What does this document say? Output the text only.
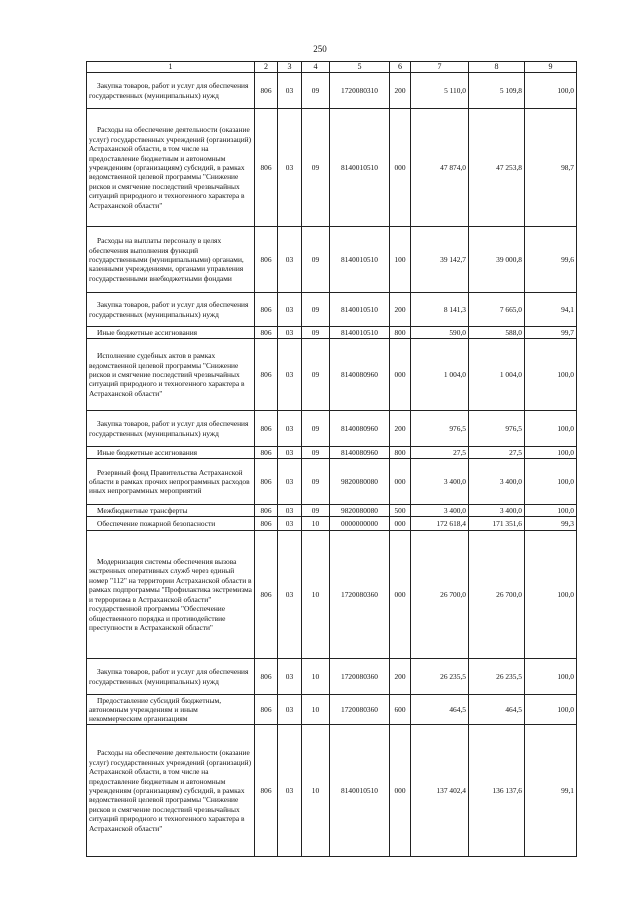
250
1	2	3	4	5	6	7	8	9

Закупка товаров, работ и услуг для обеспечения государственных (муниципальных) нужд	806	03	09	1720080310	200	5 110,0	5 109,8	100,0

Расходы на обеспечение деятельности (оказание услуг) государственных учреждений (организаций) Астраханской области, в том числе на предоставление бюджетным и автономным учреждениям (организациям) субсидий, в рамках ведомственной целевой программы "Снижение рисков и смягчение последствий чрезвычайных ситуаций природного и техногенного характера в Астраханской области"	806	03	09	8140010510	000	47 874,0	47 253,8	98,7

Расходы на выплаты персоналу в целях обеспечения выполнения функций государственными (муниципальными) органами, казенными учреждениями, органами управления государственными внебюджетными фондами	806	03	09	8140010510	100	39 142,7	39 000,8	99,6

Закупка товаров, работ и услуг для обеспечения государственных (муниципальных) нужд	806	03	09	8140010510	200	8 141,3	7 665,0	94,1

Иные бюджетные ассигнования	806	03	09	8140010510	800	590,0	588,0	99,7

Исполнение судебных актов в рамках ведомственной целевой программы "Снижение рисков и смягчение последствий чрезвычайных ситуаций природного и техногенного характера в Астраханской области"	806	03	09	8140080960	000	1 004,0	1 004,0	100,0

Закупка товаров, работ и услуг для обеспечения государственных (муниципальных) нужд	806	03	09	8140080960	200	976,5	976,5	100,0

Иные бюджетные ассигнования	806	03	09	8140080960	800	27,5	27,5	100,0

Резервный фонд Правительства Астраханской области в рамках прочих непрограммных расходов иных непрограммных мероприятий	806	03	09	9820080080	000	3 400,0	3 400,0	100,0

Межбюджетные трансферты	806	03	09	9820080080	500	3 400,0	3 400,0	100,0

Обеспечение пожарной безопасности	806	03	10	0000000000	000	172 618,4	171 351,6	99,3

Модернизация системы обеспечения вызова экстренных оперативных служб через единый номер "112" на территории Астраханской области в рамках подпрограммы "Профилактика экстремизма и терроризма в Астраханской области" государственной программы "Обеспечение общественного порядка и противодействие преступности в Астраханской области"	806	03	10	1720080360	000	26 700,0	26 700,0	100,0

Закупка товаров, работ и услуг для обеспечения государственных (муниципальных) нужд	806	03	10	1720080360	200	26 235,5	26 235,5	100,0

Предоставление субсидий бюджетным, автономным учреждениям и иным некоммерческим организациям	806	03	10	1720080360	600	464,5	464,5	100,0

Расходы на обеспечение деятельности (оказание услуг) государственных учреждений (организаций) Астраханской области, в том числе на предоставление бюджетным и автономным учреждениям (организациям) субсидий, в рамках ведомственной целевой программы "Снижение рисков и смягчение последствий чрезвычайных ситуаций природного и техногенного характера в Астраханской области"	806	03	10	8140010510	000	137 402,4	136 137,6	99,1
